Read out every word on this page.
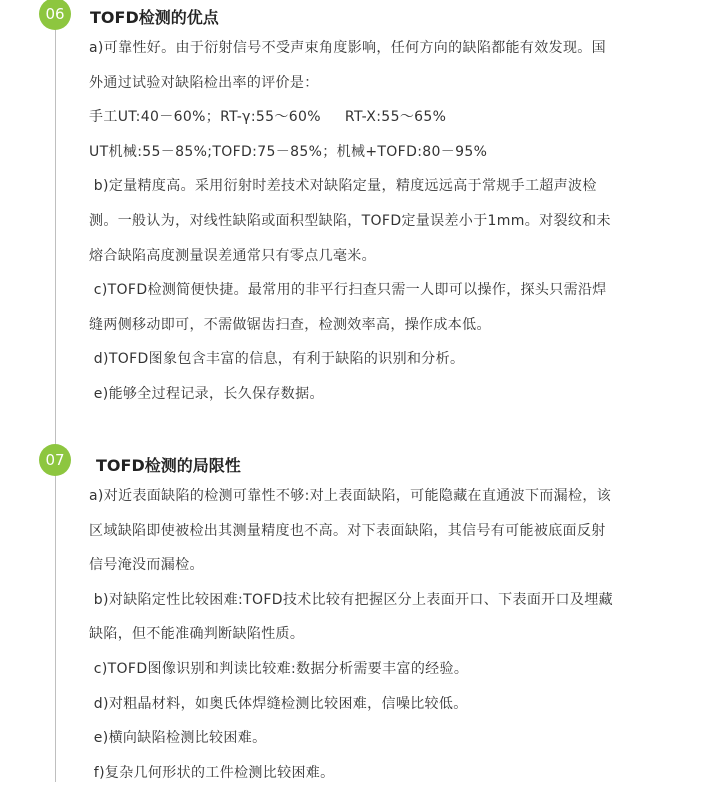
06	TOFD检测的优点
a)可靠性好。由于衍射信号不受声束角度影响，任何方向的缺陷都能有效发现。国
外通过试验对缺陷检出率的评价是：
手工UT:40－60%；RT-γ:55～60%     RT-X:55～65%
UT机械:55－85%;TOFD:75－85%；机械+TOFD:80－95%
b)定量精度高。采用衍射时差技术对缺陷定量，精度远远高于常规手工超声波检
测。一般认为，对线性缺陷或面积型缺陷，TOFD定量误差小于1mm。对裂纹和未
熔合缺陷高度测量误差通常只有零点几毫米。
c)TOFD检测简便快捷。最常用的非平行扫查只需一人即可以操作，探头只需沿焊
缝两侧移动即可，不需做锯齿扫查，检测效率高，操作成本低。
d)TOFD图象包含丰富的信息，有利于缺陷的识别和分析。
e)能够全过程记录，长久保存数据。
07	TOFD检测的局限性
a)对近表面缺陷的检测可靠性不够:对上表面缺陷，可能隐藏在直通波下而漏检，该
区域缺陷即使被检出其测量精度也不高。对下表面缺陷，其信号有可能被底面反射
信号淹没而漏检。
b)对缺陷定性比较困难:TOFD技术比较有把握区分上表面开口、下表面开口及埋藏
缺陷，但不能准确判断缺陷性质。
c)TOFD图像识别和判读比较难:数据分析需要丰富的经验。
d)对粗晶材料，如奥氏体焊缝检测比较困难，信噪比较低。
e)横向缺陷检测比较困难。
f)复杂几何形状的工件检测比较困难。
